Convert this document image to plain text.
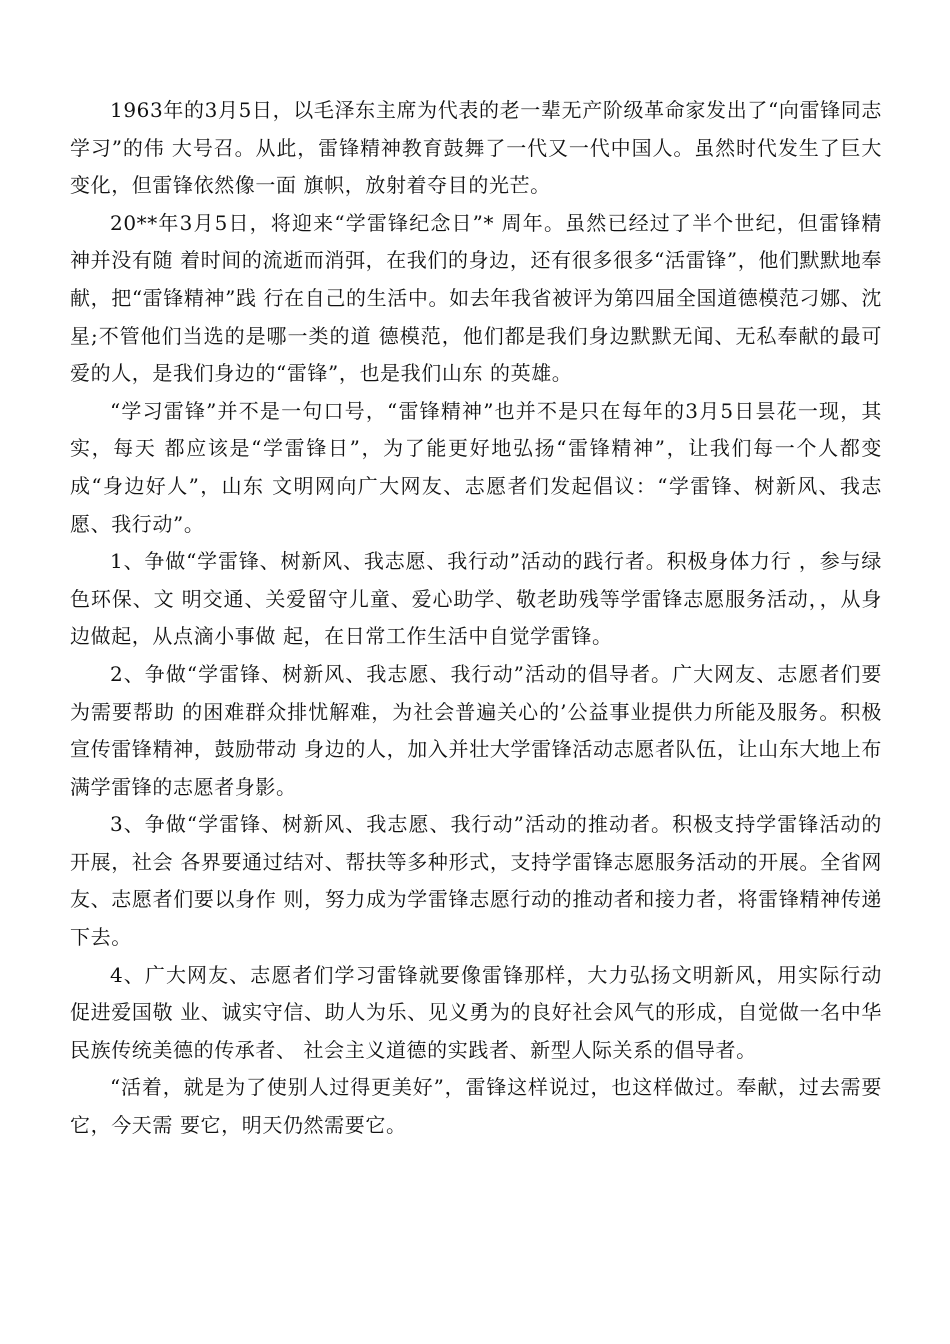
1963年的3月5日，以毛泽东主席为代表的老一辈无产阶级革命家发出了“向雷锋同志学习”的伟 大号召。从此，雷锋精神教育鼓舞了一代又一代中国人。虽然时代发生了巨大变化，但雷锋依然像一面 旗帜，放射着夺目的光芒。

20**年3月5日，将迎来“学雷锋纪念日”* 周年。虽然已经过了半个世纪，但雷锋精神并没有随 着时间的流逝而消弭，在我们的身边，还有很多很多“活雷锋”，他们默默地奉献，把“雷锋精神”践 行在自己的生活中。如去年我省被评为第四届全国道德模范刁娜、沈星;不管他们当选的是哪一类的道 德模范，他们都是我们身边默默无闻、无私奉献的最可爱的人，是我们身边的“雷锋”，也是我们山东 的英雄。

“学习雷锋”并不是一句口号，“雷锋精神”也并不是只在每年的3月5日昙花一现，其实，每天 都应该是“学雷锋日”，为了能更好地弘扬“雷锋精神”，让我们每一个人都变成“身边好人”，山东 文明网向广大网友、志愿者们发起倡议：“学雷锋、树新风、我志愿、我行动”。

1、争做“学雷锋、树新风、我志愿、我行动”活动的践行者。积极身体力行 ，参与绿色环保、文 明交通、关爱留守儿童、爱心助学、敬老助残等学雷锋志愿服务活动，，从身边做起，从点滴小事做 起，在日常工作生活中自觉学雷锋。

2、争做“学雷锋、树新风、我志愿、我行动”活动的倡导者。广大网友、志愿者们要为需要帮助 的困难群众排忧解难，为社会普遍关心的’公益事业提供力所能及服务。积极宣传雷锋精神，鼓励带动 身边的人，加入并壮大学雷锋活动志愿者队伍，让山东大地上布满学雷锋的志愿者身影。

3、争做“学雷锋、树新风、我志愿、我行动”活动的推动者。积极支持学雷锋活动的开展，社会 各界要通过结对、帮扶等多种形式，支持学雷锋志愿服务活动的开展。全省网友、志愿者们要以身作 则，努力成为学雷锋志愿行动的推动者和接力者，将雷锋精神传递下去。

4、广大网友、志愿者们学习雷锋就要像雷锋那样，大力弘扬文明新风，用实际行动促进爱国敬 业、诚实守信、助人为乐、见义勇为的良好社会风气的形成，自觉做一名中华民族传统美德的传承者、 社会主义道德的实践者、新型人际关系的倡导者。

“活着，就是为了使别人过得更美好”，雷锋这样说过，也这样做过。奉献，过去需要它，今天需 要它，明天仍然需要它。
